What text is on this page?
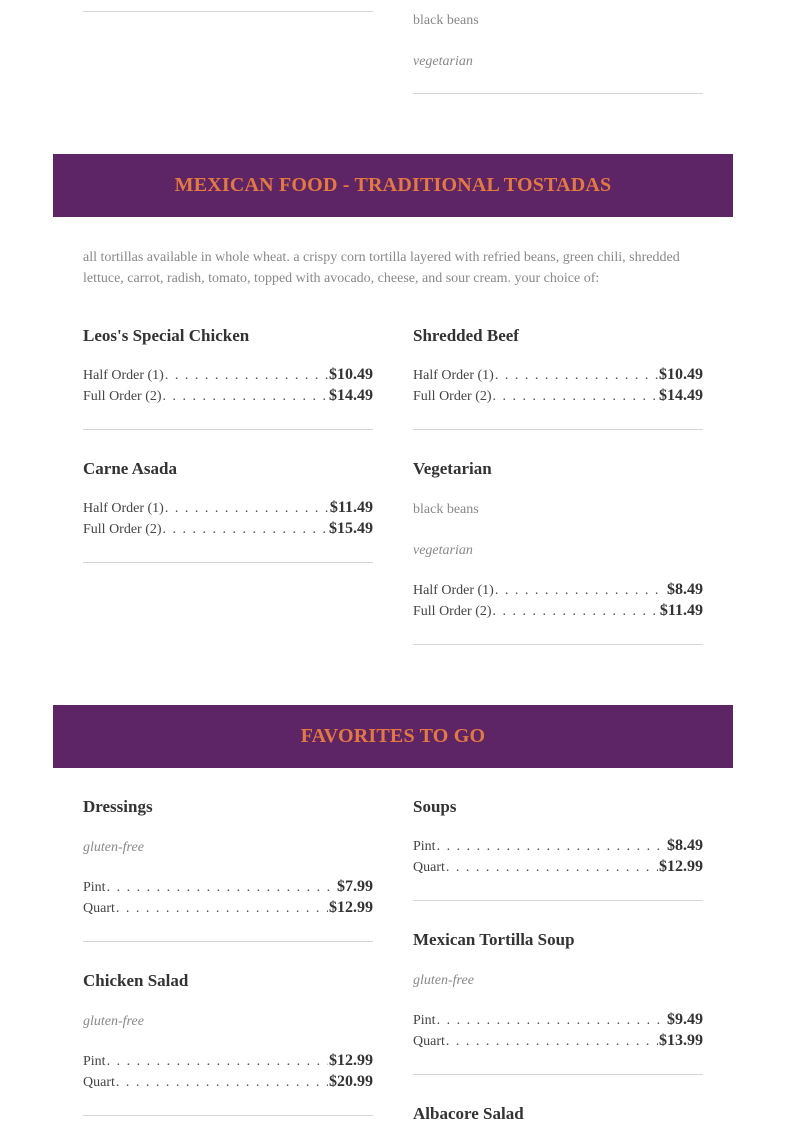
black beans
vegetarian
MEXICAN FOOD - TRADITIONAL TOSTADAS
all tortillas available in whole wheat. a crispy corn tortilla layered with refried beans, green chili, shredded lettuce, carrot, radish, tomato, topped with avocado, cheese, and sour cream. your choice of:
Leos's Special Chicken
Half Order (1) . . .	$10.49
Full Order (2) . . .	$14.49
Shredded Beef
Half Order (1) . . .	$10.49
Full Order (2) . . .	$14.49
Carne Asada
Half Order (1) . . .	$11.49
Full Order (2) . . .	$15.49
Vegetarian
black beans
vegetarian
Half Order (1) . . .	$8.49
Full Order (2) . . .	$11.49
FAVORITES TO GO
Dressings
gluten-free
Pint . . .	$7.99
Quart . . .	$12.99
Soups
Pint . . .	$8.49
Quart . . .	$12.99
Chicken Salad
gluten-free
Pint . . .	$12.99
Quart . . .	$20.99
Mexican Tortilla Soup
gluten-free
Pint . . .	$9.49
Quart . . .	$13.99
Albacore Salad
